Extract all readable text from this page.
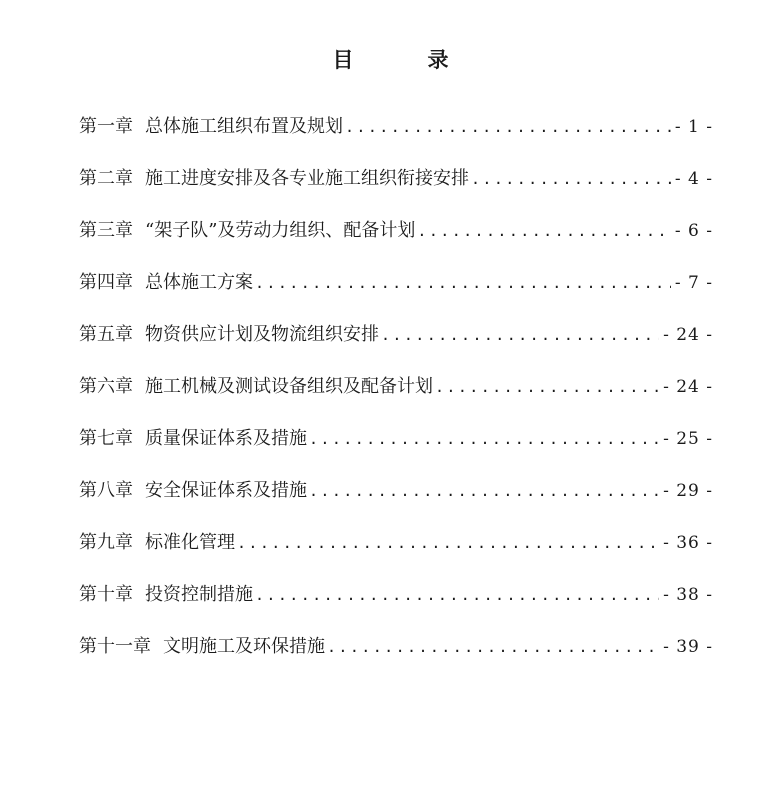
目	录
第一章 总体施工组织布置及规划 .....	- 1 -
第二章 施工进度安排及各专业施工组织衔接安排 .....	- 4 -
第三章 “架子队”及劳动力组织、配备计划 .....	- 6 -
第四章 总体施工方案 .....	- 7 -
第五章 物资供应计划及物流组织安排 .....	- 24 -
第六章 施工机械及测试设备组织及配备计划 .....	- 24 -
第七章 质量保证体系及措施 .....	- 25 -
第八章 安全保证体系及措施 .....	- 29 -
第九章 标准化管理 .....	- 36 -
第十章 投资控制措施 .....	- 38 -
第十一章 文明施工及环保措施 .....	- 39 -
